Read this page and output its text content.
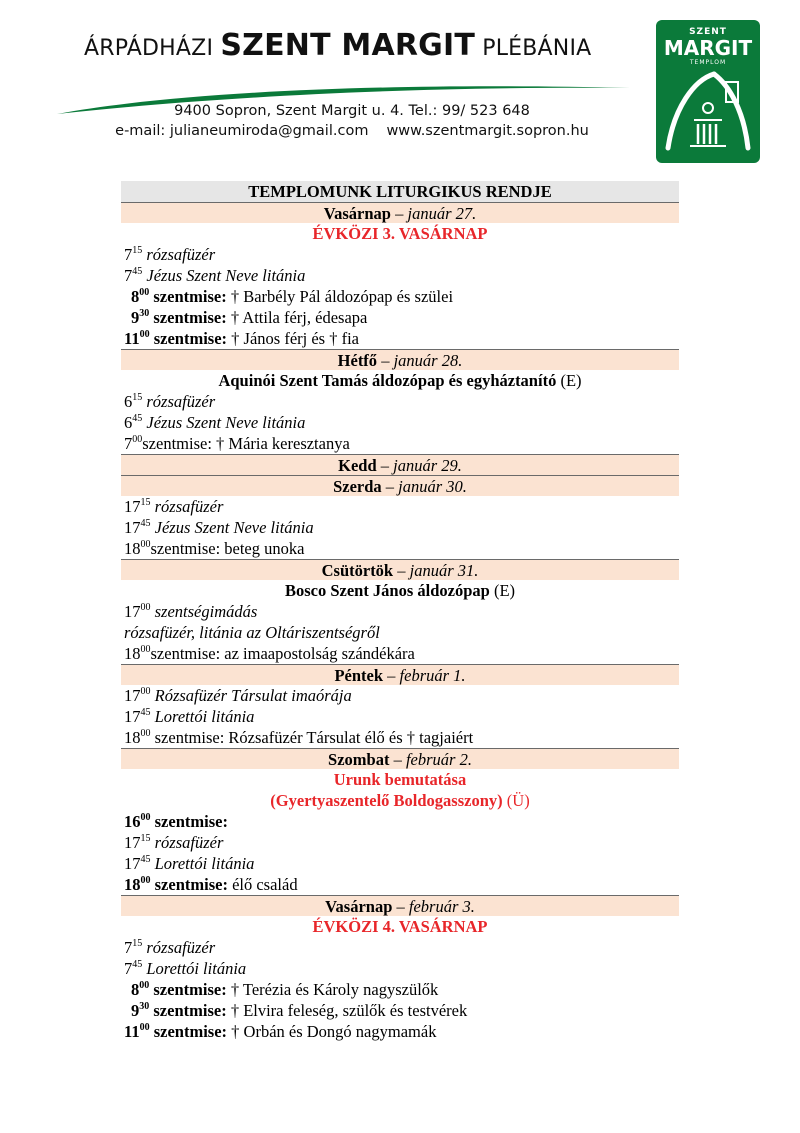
ÁRPÁDHÁZI SZENT MARGIT PLÉBÁNIA
9400 Sopron, Szent Margit u. 4. Tel.: 99/ 523 648
e-mail: julianeumiroda@gmail.com www.szentmargit.sopron.hu
SZENT
MARGIT
TEMPLOM
TEMPLOMUNK LITURGIKUS RENDJE
Vasárnap – január 27.
ÉVKÖZI 3. VASÁRNAP
$7^{15}$ rózsafüzér
$7^{45}$ Jézus Szent Neve litánia
$8^{00}$ szentmise: † Barbély Pál áldozópap és szülei
$9^{30}$ szentmise: † Attila férj, édesapa
$11^{00}$ szentmise: † János férj és † fia
Hétfő – január 28.
Aquinói Szent Tamás áldozópap és egyháztanító (E)
$6^{15}$ rózsafüzér
$6^{45}$ Jézus Szent Neve litánia
$7^{00}szentmise$: † Mária keresztanya
Kedd – január 29.
Szerda – január 30.
$17^{15}$ rózsafüzér
$17^{45}$ Jézus Szent Neve litánia
$18^{00}szentmise$: beteg unoka
Csütörtök – január 31.
Bosco Szent János áldozópap (E)
$17^{00}$ szentségimádás
rózsafüzér, litánia az Oltáriszentségről
$18^{00}szentmise$: az imaapostolság szándékára
Péntek – február 1.
$17^{00}$ Rózsafüzér Társulat imaórája
$17^{45}$ Lorettói litánia
$18^{00}$ szentmise: Rózsafüzér Társulat élő és † tagjaiért
Szombat – február 2.
Urunk bemutatása
(Gyertyaszentelő Boldogasszony) (Ü)
$16^{00}$ szentmise:
$17^{15}$ rózsafüzér
$17^{45}$ Lorettói litánia
$18^{00}$ szentmise: élő család
Vasárnap – február 3.
ÉVKÖZI 4. VASÁRNAP
$7^{15}$ rózsafüzér
$7^{45}$ Lorettói litánia
$8^{00}$ szentmise: † Terézia és Károly nagyszülők
$9^{30}$ szentmise: † Elvira feleség, szülők és testvérek
$11^{00}$ szentmise: † Orbán és Dongó nagymamák
